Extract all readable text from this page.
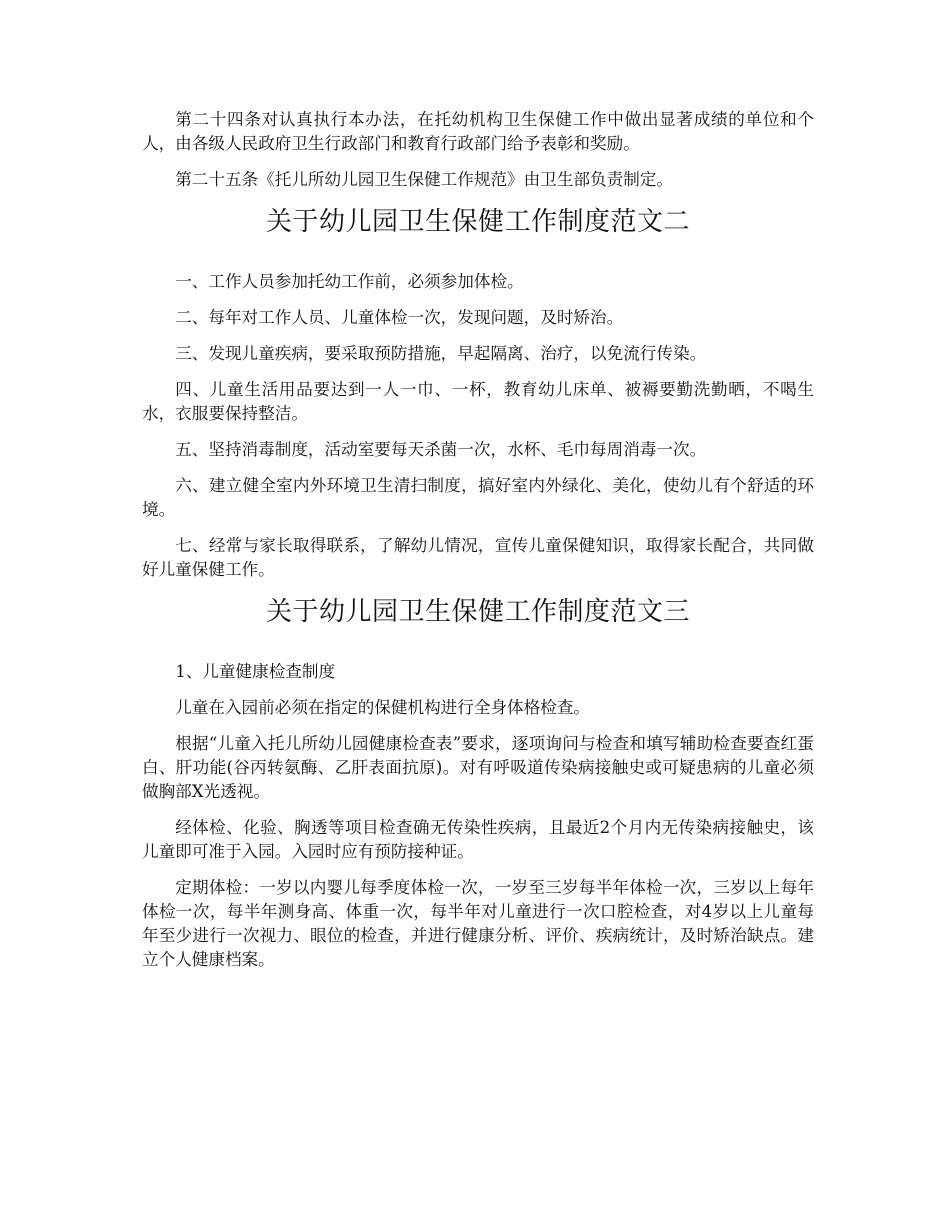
第二十四条对认真执行本办法，在托幼机构卫生保健工作中做出显著成绩的单位和个人，由各级人民政府卫生行政部门和教育行政部门给予表彰和奖励。

第二十五条《托儿所幼儿园卫生保健工作规范》由卫生部负责制定。

关于幼儿园卫生保健工作制度范文二

一、工作人员参加托幼工作前，必须参加体检。

二、每年对工作人员、儿童体检一次，发现问题，及时矫治。

三、发现儿童疾病，要采取预防措施，早起隔离、治疗，以免流行传染。

四、儿童生活用品要达到一人一巾、一杯，教育幼儿床单、被褥要勤洗勤晒，不喝生水，衣服要保持整洁。

五、坚持消毒制度，活动室要每天杀菌一次，水杯、毛巾每周消毒一次。

六、建立健全室内外环境卫生清扫制度，搞好室内外绿化、美化，使幼儿有个舒适的环境。

七、经常与家长取得联系，了解幼儿情况，宣传儿童保健知识，取得家长配合，共同做好儿童保健工作。

关于幼儿园卫生保健工作制度范文三

1、儿童健康检查制度

儿童在入园前必须在指定的保健机构进行全身体格检查。

根据“儿童入托儿所幼儿园健康检查表”要求，逐项询问与检查和填写辅助检查要查红蛋白、肝功能(谷丙转氨酶、乙肝表面抗原)。对有呼吸道传染病接触史或可疑患病的儿童必须做胸部X光透视。

经体检、化验、胸透等项目检查确无传染性疾病，且最近2个月内无传染病接触史，该儿童即可准于入园。入园时应有预防接种证。

定期体检：一岁以内婴儿每季度体检一次，一岁至三岁每半年体检一次，三岁以上每年体检一次，每半年测身高、体重一次，每半年对儿童进行一次口腔检查，对4岁以上儿童每年至少进行一次视力、眼位的检查，并进行健康分析、评价、疾病统计，及时矫治缺点。建立个人健康档案。
